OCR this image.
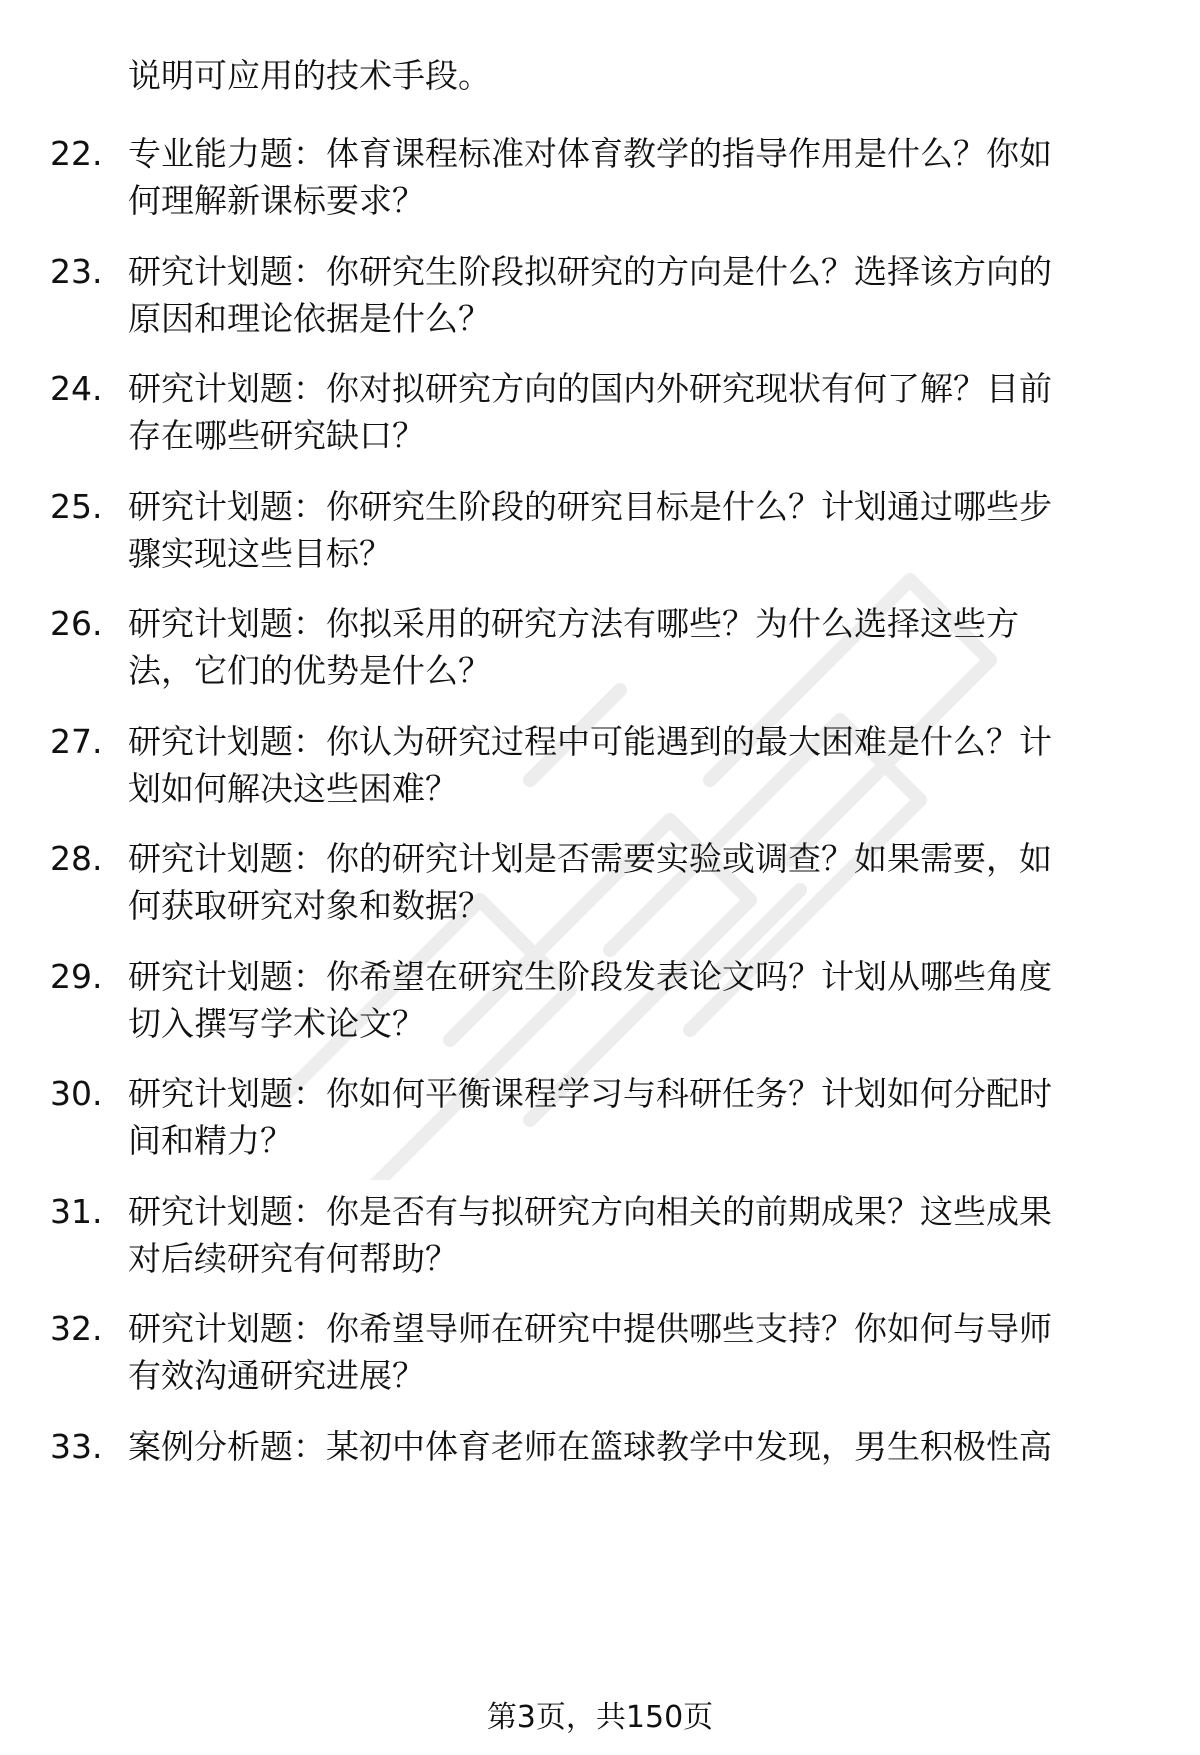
说明可应用的技术手段。
22. 专业能力题：体育课程标准对体育教学的指导作用是什么？你如
何理解新课标要求？
23. 研究计划题：你研究生阶段拟研究的方向是什么？选择该方向的
原因和理论依据是什么？
24. 研究计划题：你对拟研究方向的国内外研究现状有何了解？目前
存在哪些研究缺口？
25. 研究计划题：你研究生阶段的研究目标是什么？计划通过哪些步
骤实现这些目标？
26. 研究计划题：你拟采用的研究方法有哪些？为什么选择这些方
法，它们的优势是什么？
27. 研究计划题：你认为研究过程中可能遇到的最大困难是什么？计
划如何解决这些困难？
28. 研究计划题：你的研究计划是否需要实验或调查？如果需要，如
何获取研究对象和数据？
29. 研究计划题：你希望在研究生阶段发表论文吗？计划从哪些角度
切入撰写学术论文？
30. 研究计划题：你如何平衡课程学习与科研任务？计划如何分配时
间和精力？
31. 研究计划题：你是否有与拟研究方向相关的前期成果？这些成果
对后续研究有何帮助？
32. 研究计划题：你希望导师在研究中提供哪些支持？你如何与导师
有效沟通研究进展？
33. 案例分析题：某初中体育老师在篮球教学中发现，男生积极性高
第3页，共150页
